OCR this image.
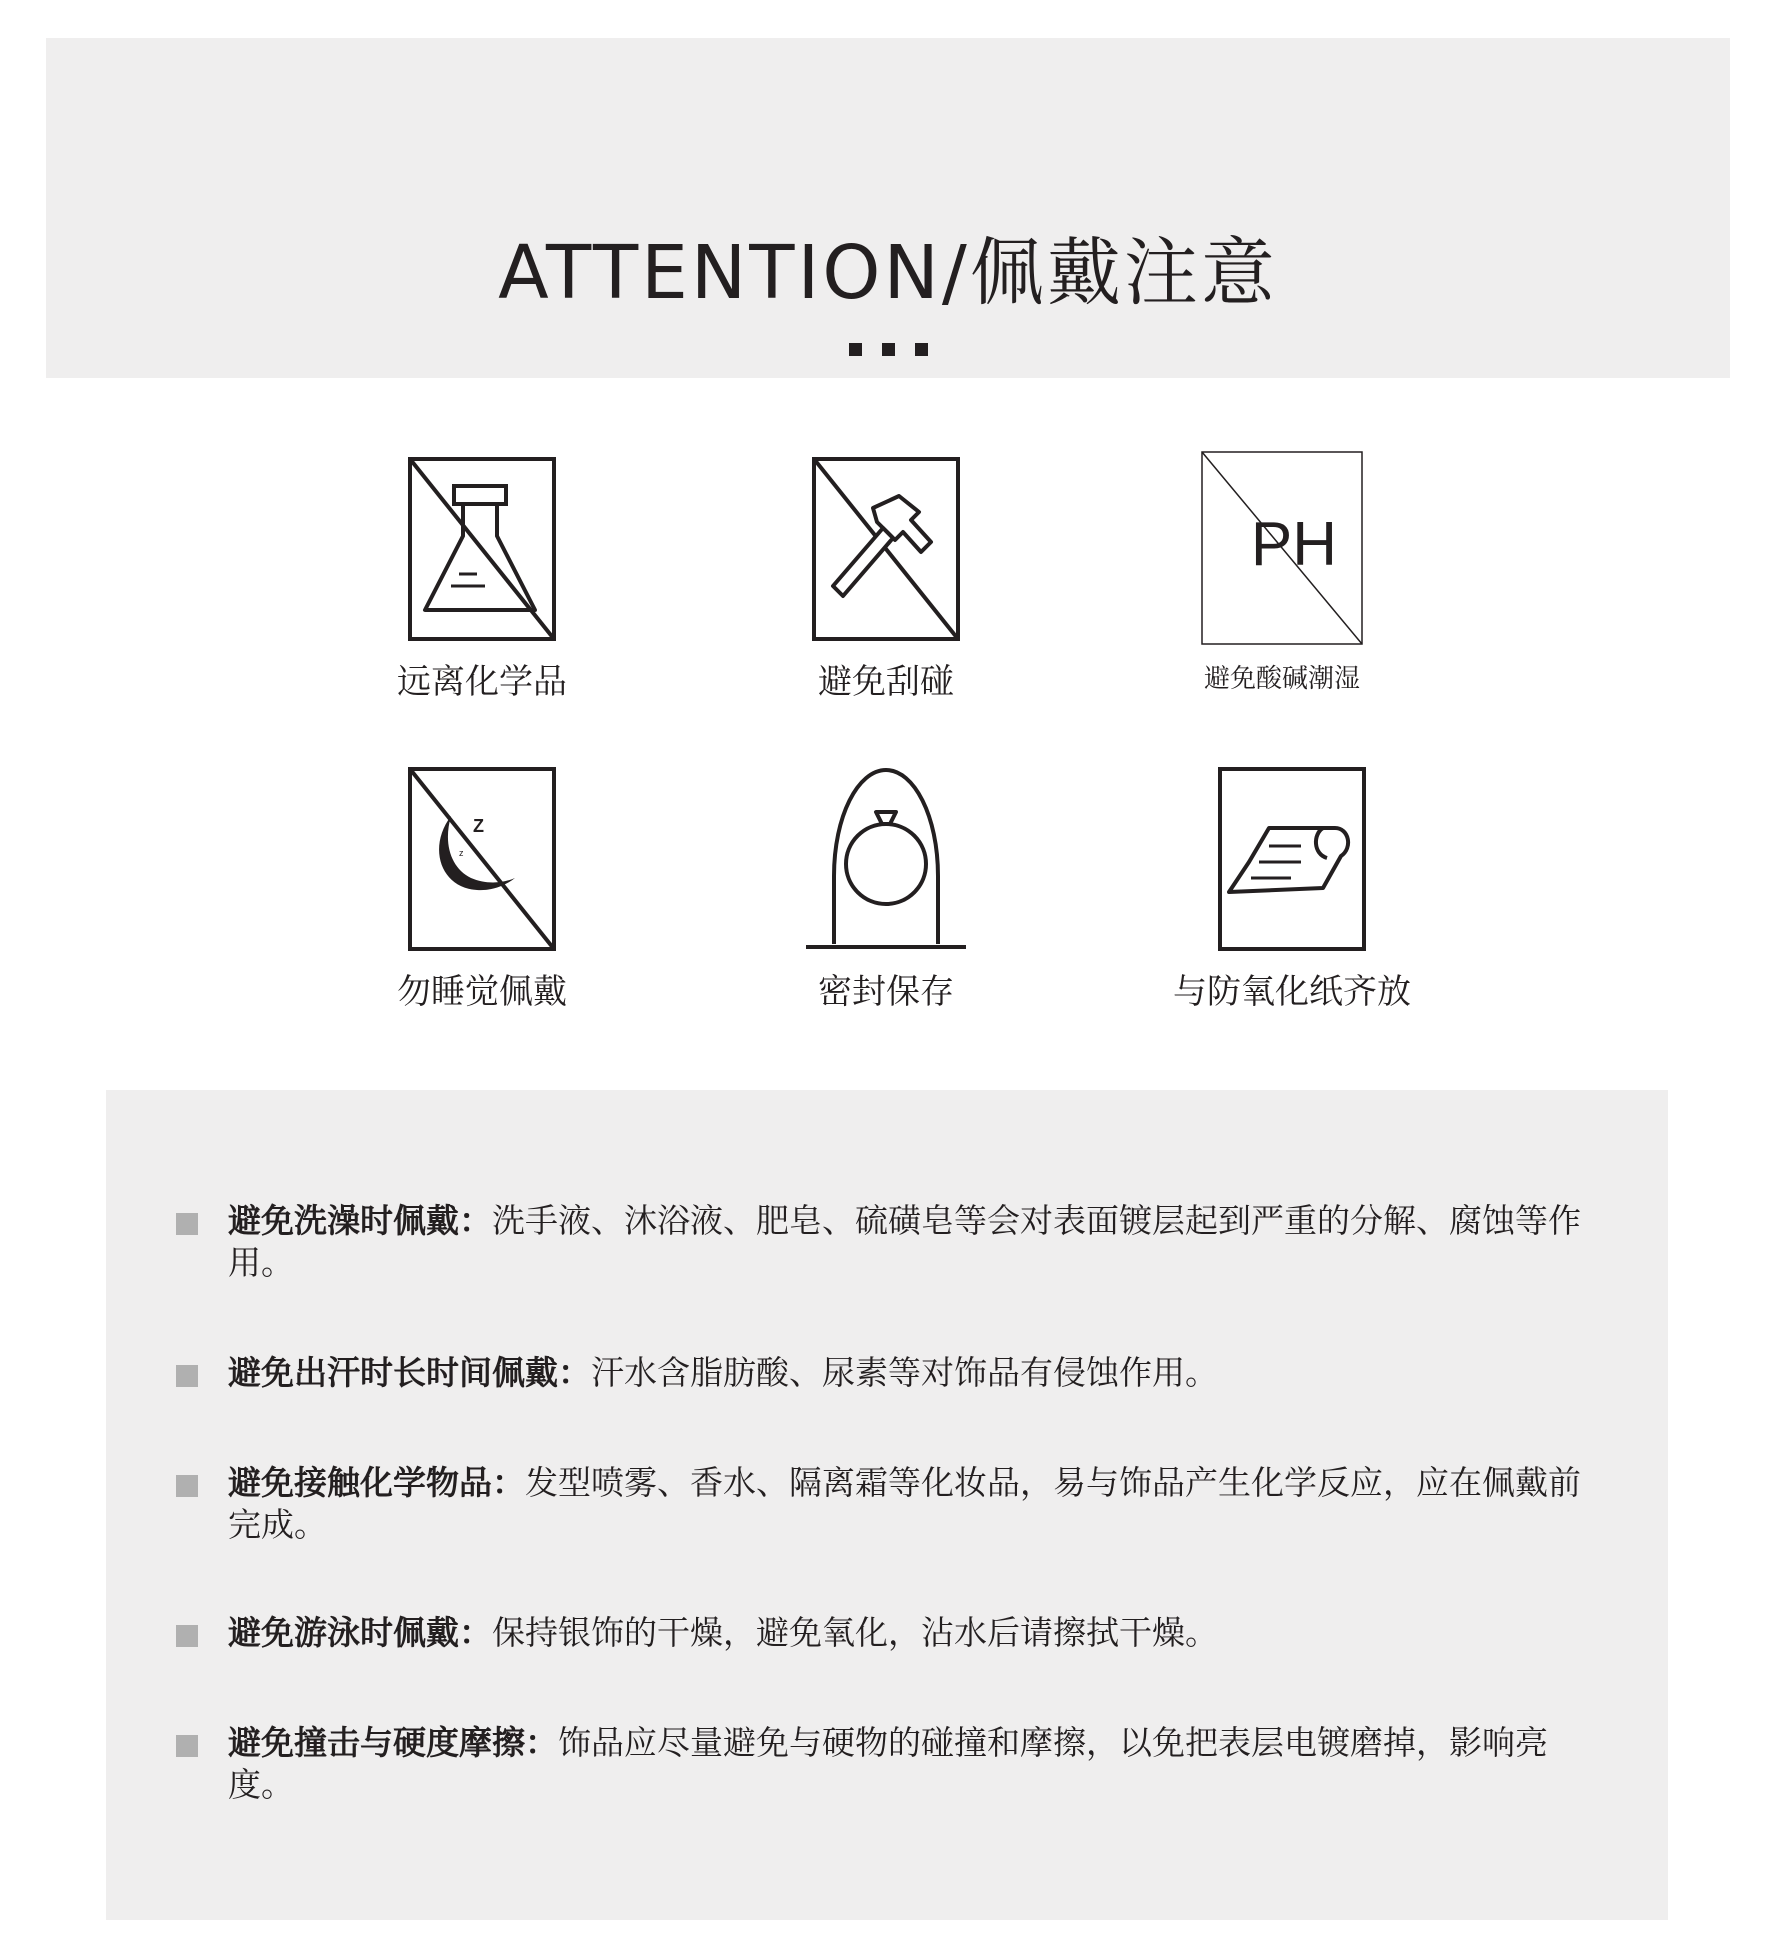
ATTENTION/佩戴注意
远离化学品	避免刮碰
PH
避免酸碱潮湿
Z
z
勿睡觉佩戴	密封保存	与防氧化纸齐放

避免洗澡时佩戴：洗手液、沐浴液、肥皂、硫磺皂等会对表面镀层起到严重的分解、腐蚀等作用。

避免出汗时长时间佩戴：汗水含脂肪酸、尿素等对饰品有侵蚀作用。

避免接触化学物品：发型喷雾、香水、隔离霜等化妆品，易与饰品产生化学反应，应在佩戴前完成。

避免游泳时佩戴：保持银饰的干燥，避免氧化，沾水后请擦拭干燥。

避免撞击与硬度摩擦：饰品应尽量避免与硬物的碰撞和摩擦，以免把表层电镀磨掉，影响亮度。
